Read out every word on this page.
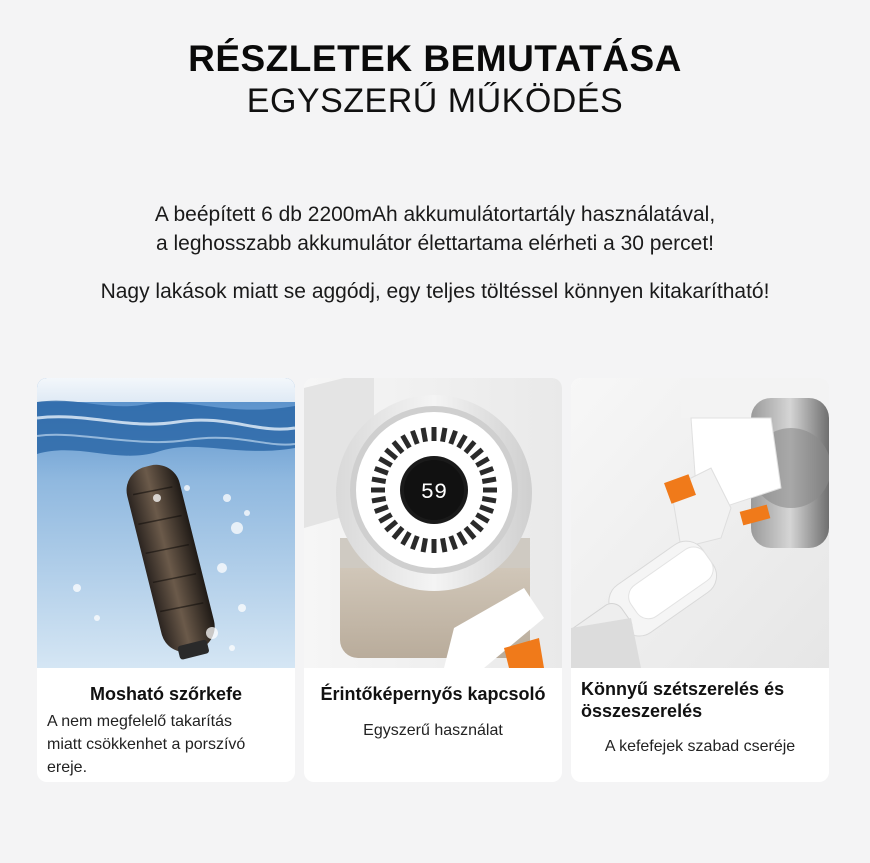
RÉSZLETEK BEMUTATÁSA
EGYSZERŰ MŰKÖDÉS
A beépített 6 db 2200mAh akkumulátortartály használatával,
a leghosszabb akkumulátor élettartama elérheti a 30 percet!
Nagy lakások miatt se aggódj, egy teljes töltéssel könnyen kitakarítható!
Mosható szőrkefe
A nem megfelelő takarítás
miatt csökkenhet a porszívó
ereje.
59
Érintőképernyős kapcsoló
Egyszerű használat
Könnyű szétszerelés és
összeszerelés
A kefefejek szabad cseréje
